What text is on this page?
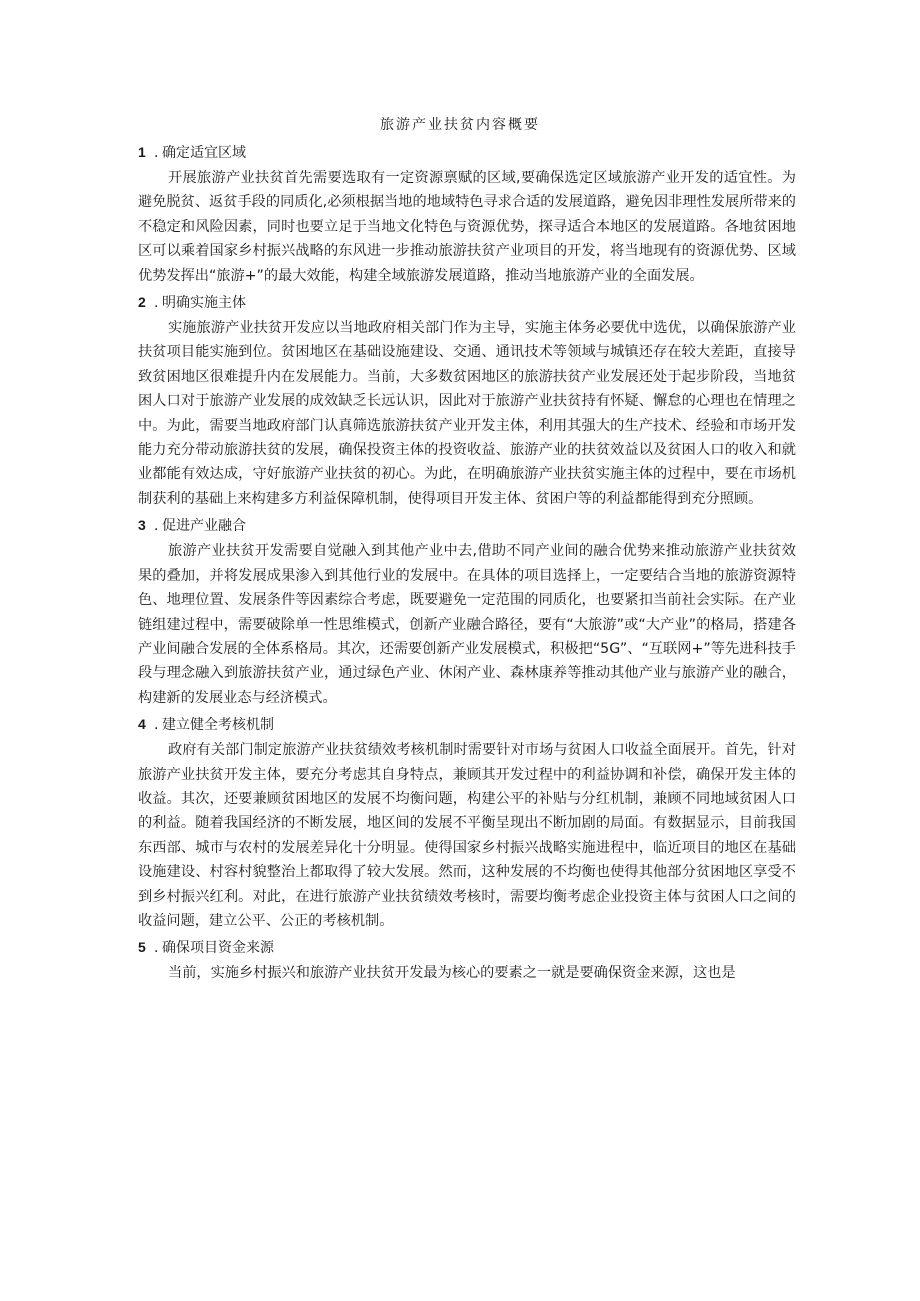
旅游产业扶贫内容概要
1 . 确定适宜区域
开展旅游产业扶贫首先需要选取有一定资源禀赋的区域,要确保选定区域旅游产业开发的适宜性。为避免脱贫、返贫手段的同质化,必须根据当地的地域特色寻求合适的发展道路，避免因非理性发展所带来的不稳定和风险因素，同时也要立足于当地文化特色与资源优势，探寻适合本地区的发展道路。各地贫困地区可以乘着国家乡村振兴战略的东风进一步推动旅游扶贫产业项目的开发，将当地现有的资源优势、区域优势发挥出“旅游+”的最大效能，构建全域旅游发展道路，推动当地旅游产业的全面发展。
2 . 明确实施主体
实施旅游产业扶贫开发应以当地政府相关部门作为主导，实施主体务必要优中选优，以确保旅游产业扶贫项目能实施到位。贫困地区在基础设施建设、交通、通讯技术等领域与城镇还存在较大差距，直接导致贫困地区很难提升内在发展能力。当前，大多数贫困地区的旅游扶贫产业发展还处于起步阶段，当地贫困人口对于旅游产业发展的成效缺乏长远认识，因此对于旅游产业扶贫持有怀疑、懈怠的心理也在情理之中。为此，需要当地政府部门认真筛选旅游扶贫产业开发主体，利用其强大的生产技术、经验和市场开发能力充分带动旅游扶贫的发展，确保投资主体的投资收益、旅游产业的扶贫效益以及贫困人口的收入和就业都能有效达成，守好旅游产业扶贫的初心。为此，在明确旅游产业扶贫实施主体的过程中，要在市场机制获利的基础上来构建多方利益保障机制，使得项目开发主体、贫困户等的利益都能得到充分照顾。
3 . 促进产业融合
旅游产业扶贫开发需要自觉融入到其他产业中去,借助不同产业间的融合优势来推动旅游产业扶贫效果的叠加，并将发展成果渗入到其他行业的发展中。在具体的项目选择上，一定要结合当地的旅游资源特色、地理位置、发展条件等因素综合考虑，既要避免一定范围的同质化，也要紧扣当前社会实际。在产业链组建过程中，需要破除单一性思维模式，创新产业融合路径，要有“大旅游”或“大产业”的格局，搭建各产业间融合发展的全体系格局。其次，还需要创新产业发展模式，积极把“5G”、“互联网+”等先进科技手段与理念融入到旅游扶贫产业，通过绿色产业、休闲产业、森林康养等推动其他产业与旅游产业的融合，构建新的发展业态与经济模式。
4 . 建立健全考核机制
政府有关部门制定旅游产业扶贫绩效考核机制时需要针对市场与贫困人口收益全面展开。首先，针对旅游产业扶贫开发主体，要充分考虑其自身特点，兼顾其开发过程中的利益协调和补偿，确保开发主体的收益。其次，还要兼顾贫困地区的发展不均衡问题，构建公平的补贴与分红机制，兼顾不同地域贫困人口的利益。随着我国经济的不断发展，地区间的发展不平衡呈现出不断加剧的局面。有数据显示，目前我国东西部、城市与农村的发展差异化十分明显。使得国家乡村振兴战略实施进程中，临近项目的地区在基础设施建设、村容村貌整治上都取得了较大发展。然而，这种发展的不均衡也使得其他部分贫困地区享受不到乡村振兴红利。对此，在进行旅游产业扶贫绩效考核时，需要均衡考虑企业投资主体与贫困人口之间的收益问题，建立公平、公正的考核机制。
5 . 确保项目资金来源
当前，实施乡村振兴和旅游产业扶贫开发最为核心的要素之一就是要确保资金来源，这也是
